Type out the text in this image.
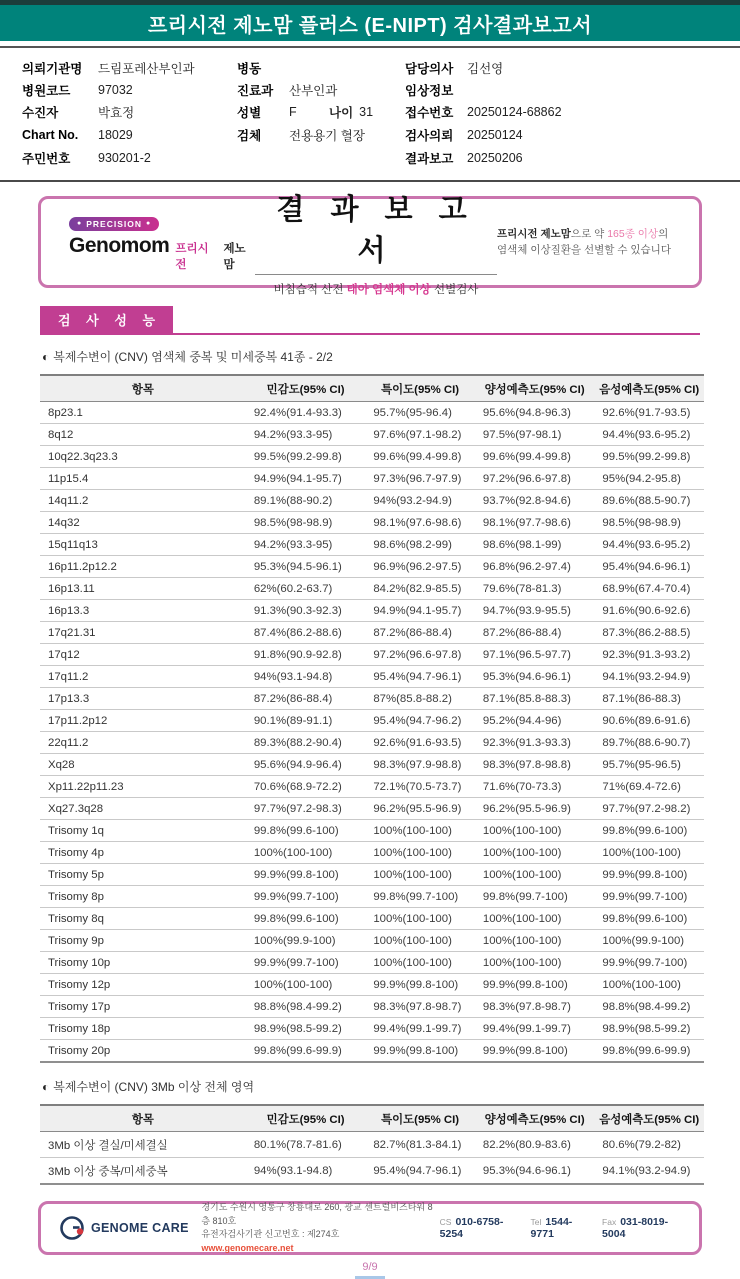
프리시전 제노맘 플러스 (E-NIPT) 검사결과보고서
의뢰기관명	드림포레산부인과
병원코드	97032
수진자	박효정
Chart No.	18029
주민번호	930201-2
병동
진료과	산부인과
성별	F	나이 31
검체	전용용기 혈장
담당의사	김선영
임상정보
접수번호	20250124-68862
검사의뢰	20250124
결과보고	20250206
● PRECISION ●
Genomom 프리시전
제노맘
결 과 보 고 서
비침습적 산전 태아 염색체 이상 선별검사
프리시전 제노맘으로 약 165종 이상의
염색체 이상질환을 선별할 수 있습니다
검 사 성 능
◐ 복제수변이 (CNV) 염색체 중복 및 미세중복 41종 - 2/2
항목	민감도(95% CI)	특이도(95% CI)	양성예측도(95% CI)	음성예측도(95% CI)
8p23.1	92.4%(91.4-93.3)	95.7%(95-96.4)	95.6%(94.8-96.3)	92.6%(91.7-93.5)
8q12	94.2%(93.3-95)	97.6%(97.1-98.2)	97.5%(97-98.1)	94.4%(93.6-95.2)
10q22.3q23.3	99.5%(99.2-99.8)	99.6%(99.4-99.8)	99.6%(99.4-99.8)	99.5%(99.2-99.8)
11p15.4	94.9%(94.1-95.7)	97.3%(96.7-97.9)	97.2%(96.6-97.8)	95%(94.2-95.8)
14q11.2	89.1%(88-90.2)	94%(93.2-94.9)	93.7%(92.8-94.6)	89.6%(88.5-90.7)
14q32	98.5%(98-98.9)	98.1%(97.6-98.6)	98.1%(97.7-98.6)	98.5%(98-98.9)
15q11q13	94.2%(93.3-95)	98.6%(98.2-99)	98.6%(98.1-99)	94.4%(93.6-95.2)
16p11.2p12.2	95.3%(94.5-96.1)	96.9%(96.2-97.5)	96.8%(96.2-97.4)	95.4%(94.6-96.1)
16p13.11	62%(60.2-63.7)	84.2%(82.9-85.5)	79.6%(78-81.3)	68.9%(67.4-70.4)
16p13.3	91.3%(90.3-92.3)	94.9%(94.1-95.7)	94.7%(93.9-95.5)	91.6%(90.6-92.6)
17q21.31	87.4%(86.2-88.6)	87.2%(86-88.4)	87.2%(86-88.4)	87.3%(86.2-88.5)
17q12	91.8%(90.9-92.8)	97.2%(96.6-97.8)	97.1%(96.5-97.7)	92.3%(91.3-93.2)
17q11.2	94%(93.1-94.8)	95.4%(94.7-96.1)	95.3%(94.6-96.1)	94.1%(93.2-94.9)
17p13.3	87.2%(86-88.4)	87%(85.8-88.2)	87.1%(85.8-88.3)	87.1%(86-88.3)
17p11.2p12	90.1%(89-91.1)	95.4%(94.7-96.2)	95.2%(94.4-96)	90.6%(89.6-91.6)
22q11.2	89.3%(88.2-90.4)	92.6%(91.6-93.5)	92.3%(91.3-93.3)	89.7%(88.6-90.7)
Xq28	95.6%(94.9-96.4)	98.3%(97.9-98.8)	98.3%(97.8-98.8)	95.7%(95-96.5)
Xp11.22p11.23	70.6%(68.9-72.2)	72.1%(70.5-73.7)	71.6%(70-73.3)	71%(69.4-72.6)
Xq27.3q28	97.7%(97.2-98.3)	96.2%(95.5-96.9)	96.2%(95.5-96.9)	97.7%(97.2-98.2)
Trisomy 1q	99.8%(99.6-100)	100%(100-100)	100%(100-100)	99.8%(99.6-100)
Trisomy 4p	100%(100-100)	100%(100-100)	100%(100-100)	100%(100-100)
Trisomy 5p	99.9%(99.8-100)	100%(100-100)	100%(100-100)	99.9%(99.8-100)
Trisomy 8p	99.9%(99.7-100)	99.8%(99.7-100)	99.8%(99.7-100)	99.9%(99.7-100)
Trisomy 8q	99.8%(99.6-100)	100%(100-100)	100%(100-100)	99.8%(99.6-100)
Trisomy 9p	100%(99.9-100)	100%(100-100)	100%(100-100)	100%(99.9-100)
Trisomy 10p	99.9%(99.7-100)	100%(100-100)	100%(100-100)	99.9%(99.7-100)
Trisomy 12p	100%(100-100)	99.9%(99.8-100)	99.9%(99.8-100)	100%(100-100)
Trisomy 17p	98.8%(98.4-99.2)	98.3%(97.8-98.7)	98.3%(97.8-98.7)	98.8%(98.4-99.2)
Trisomy 18p	98.9%(98.5-99.2)	99.4%(99.1-99.7)	99.4%(99.1-99.7)	98.9%(98.5-99.2)
Trisomy 20p	99.8%(99.6-99.9)	99.9%(99.8-100)	99.9%(99.8-100)	99.8%(99.6-99.9)
◐ 복제수변이 (CNV) 3Mb 이상 전체 영역
항목	민감도(95% CI)	특이도(95% CI)	양성예측도(95% CI)	음성예측도(95% CI)
3Mb 이상 결실/미세결실	80.1%(78.7-81.6)	82.7%(81.3-84.1)	82.2%(80.9-83.6)	80.6%(79.2-82)
3Mb 이상 중복/미세중복	94%(93.1-94.8)	95.4%(94.7-96.1)	95.3%(94.6-96.1)	94.1%(93.2-94.9)
GENOME CARE
경기도 수원시 영통구 창룡대로 260, 광교 센트럴비즈타워 8층 810호
유전자검사기관 신고번호 : 제274호
www.genomecare.net
CS 010-6758-5254
Tel 1544-9771
Fax 031-8019-5004
9/9
